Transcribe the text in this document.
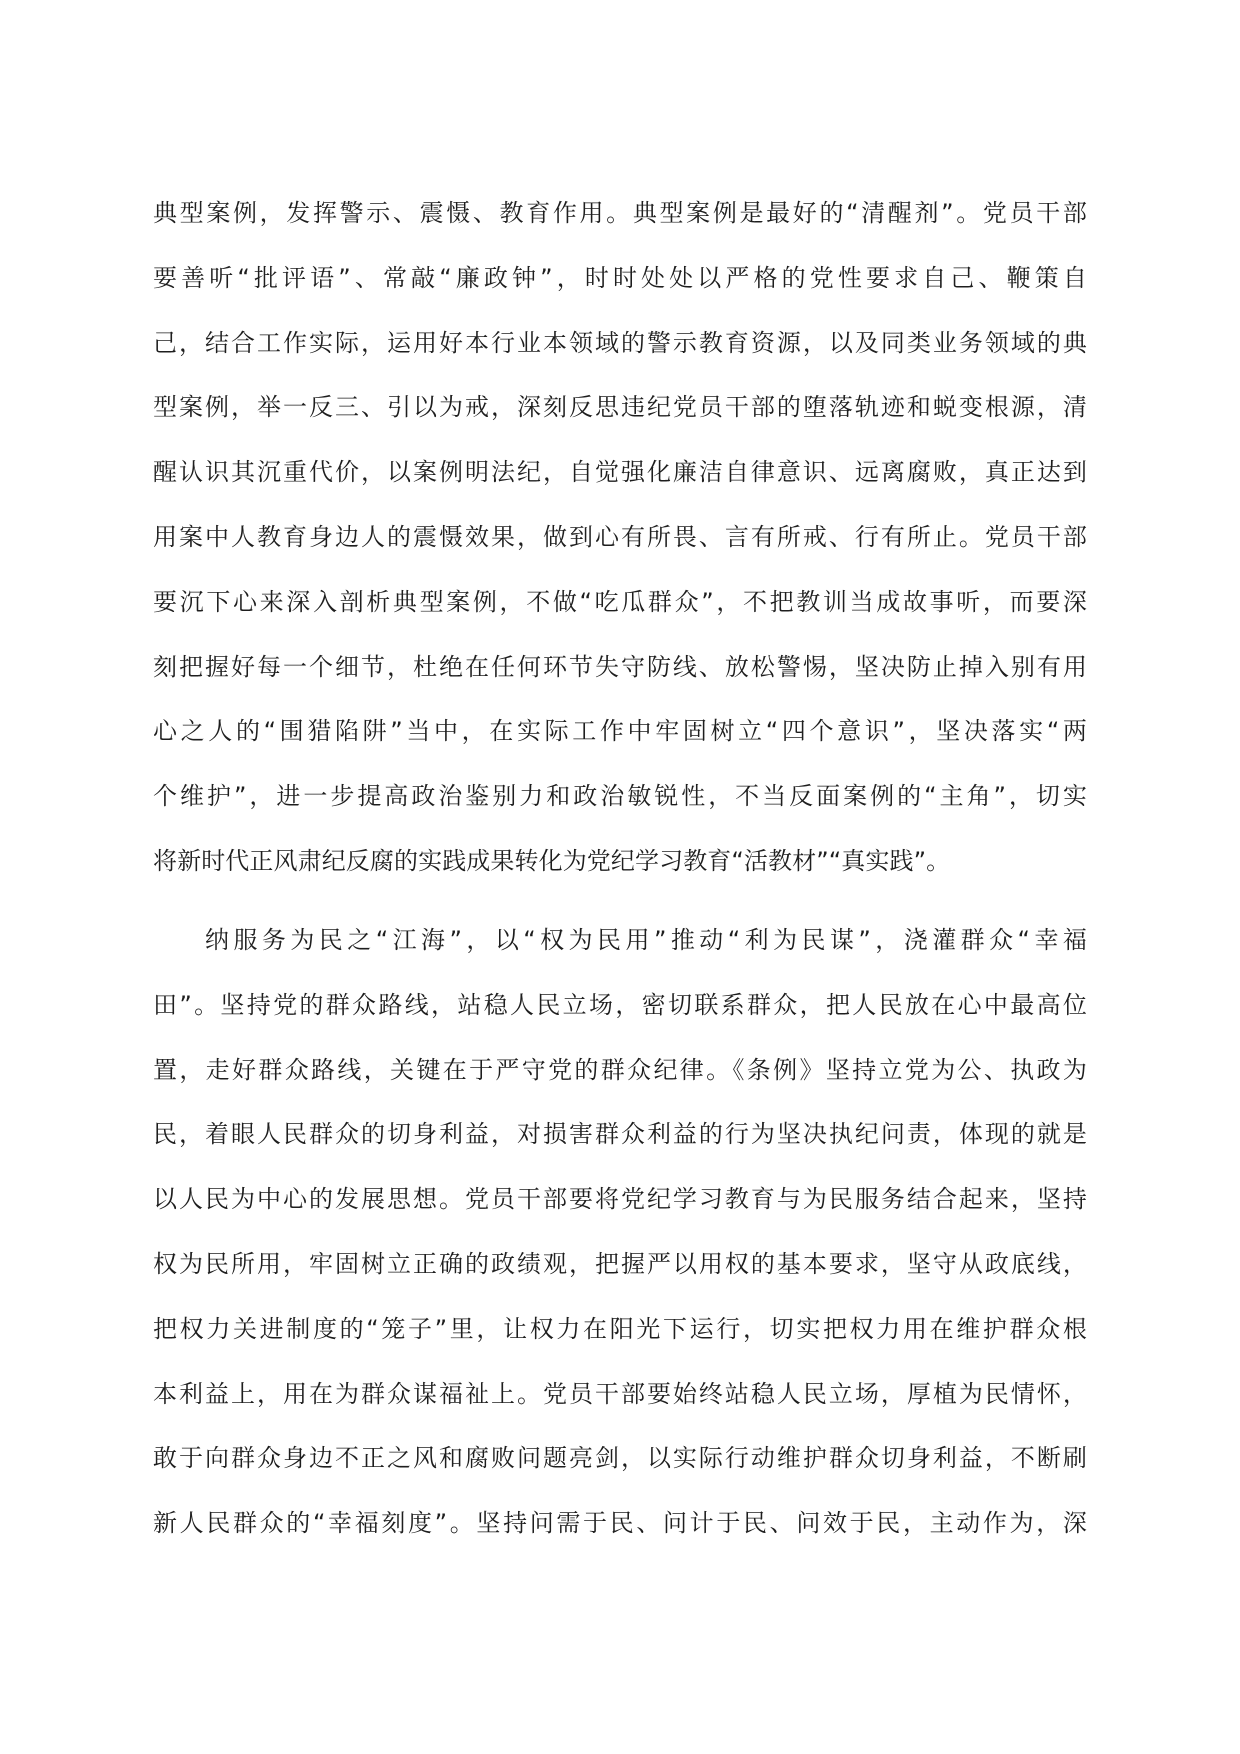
典型案例，发挥警示、震慑、教育作用。典型案例是最好的“清醒剂”。党员干部
要善听“批评语”、常敲“廉政钟”，时时处处以严格的党性要求自己、鞭策自
己，结合工作实际，运用好本行业本领域的警示教育资源，以及同类业务领域的典
型案例，举一反三、引以为戒，深刻反思违纪党员干部的堕落轨迹和蜕变根源，清
醒认识其沉重代价，以案例明法纪，自觉强化廉洁自律意识、远离腐败，真正达到
用案中人教育身边人的震慑效果，做到心有所畏、言有所戒、行有所止。党员干部
要沉下心来深入剖析典型案例，不做“吃瓜群众”，不把教训当成故事听，而要深
刻把握好每一个细节，杜绝在任何环节失守防线、放松警惕，坚决防止掉入别有用
心之人的“围猎陷阱”当中，在实际工作中牢固树立“四个意识”，坚决落实“两
个维护”，进一步提高政治鉴别力和政治敏锐性，不当反面案例的“主角”，切实
将新时代正风肃纪反腐的实践成果转化为党纪学习教育“活教材”“真实践”。
纳服务为民之“江海”，以“权为民用”推动“利为民谋”，浇灌群众“幸福
田”。坚持党的群众路线，站稳人民立场，密切联系群众，把人民放在心中最高位
置，走好群众路线，关键在于严守党的群众纪律。《条例》坚持立党为公、执政为
民，着眼人民群众的切身利益，对损害群众利益的行为坚决执纪问责，体现的就是
以人民为中心的发展思想。党员干部要将党纪学习教育与为民服务结合起来，坚持
权为民所用，牢固树立正确的政绩观，把握严以用权的基本要求，坚守从政底线，
把权力关进制度的“笼子”里，让权力在阳光下运行，切实把权力用在维护群众根
本利益上，用在为群众谋福祉上。党员干部要始终站稳人民立场，厚植为民情怀，
敢于向群众身边不正之风和腐败问题亮剑，以实际行动维护群众切身利益，不断刷
新人民群众的“幸福刻度”。坚持问需于民、问计于民、问效于民，主动作为，深
